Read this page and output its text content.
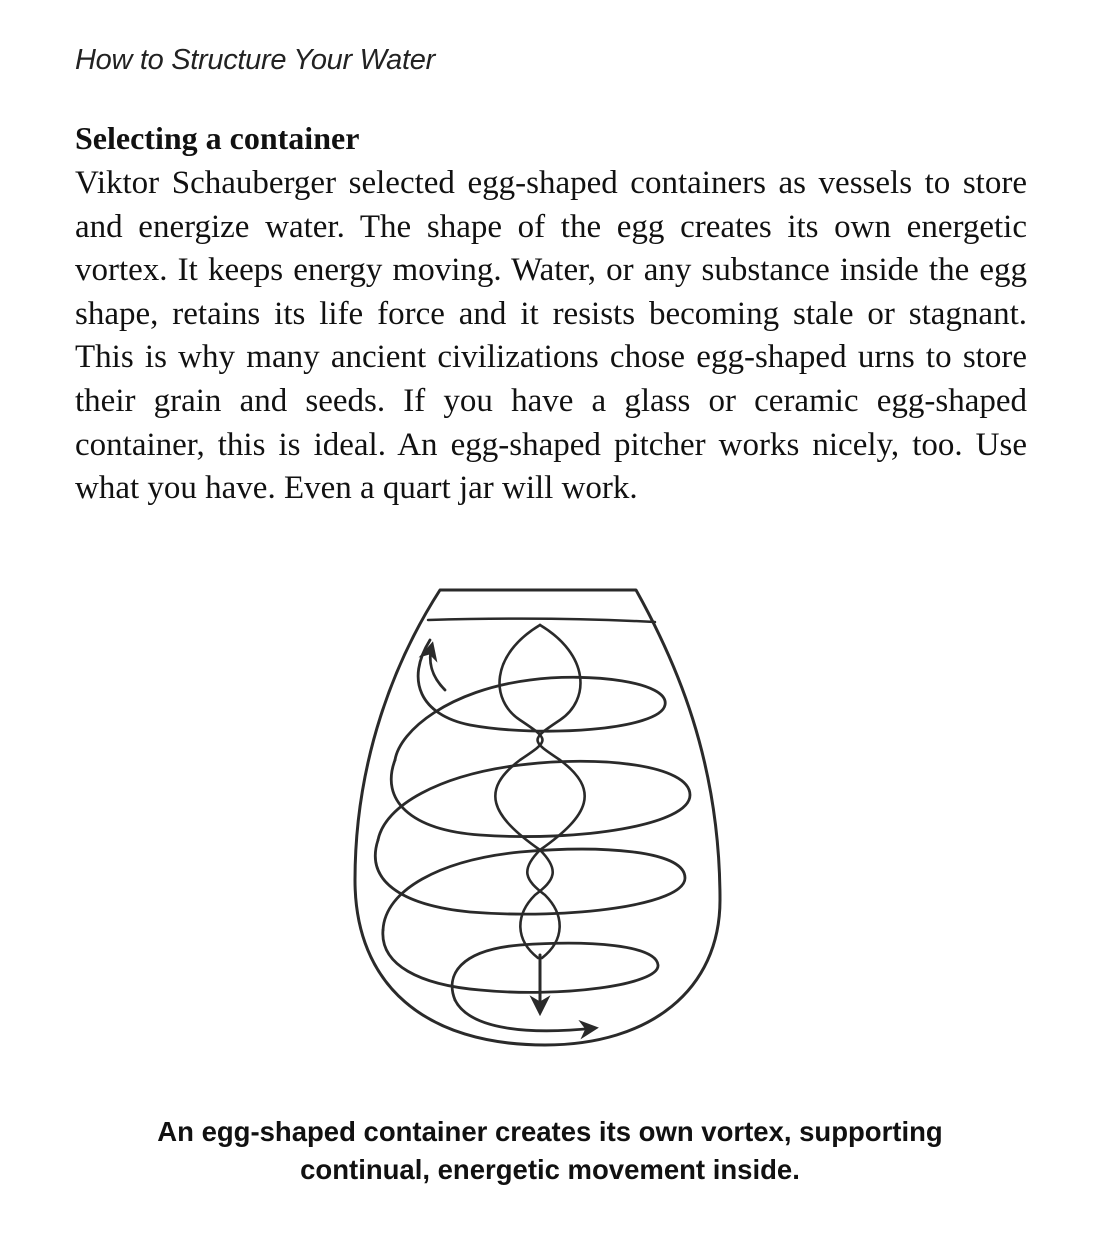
How to Structure Your Water
Selecting a container
Viktor Schauberger selected egg-shaped containers as vessels to store and energize water. The shape of the egg creates its own energetic vortex. It keeps energy moving. Water, or any substance inside the egg shape, retains its life force and it resists becoming stale or stagnant. This is why many ancient civilizations chose egg-shaped urns to store their grain and seeds. If you have a glass or ceramic egg-shaped container, this is ideal. An egg-shaped pitcher works nicely, too. Use what you have. Even a quart jar will work.
An egg-shaped container creates its own vortex, supporting
continual, energetic movement inside.
